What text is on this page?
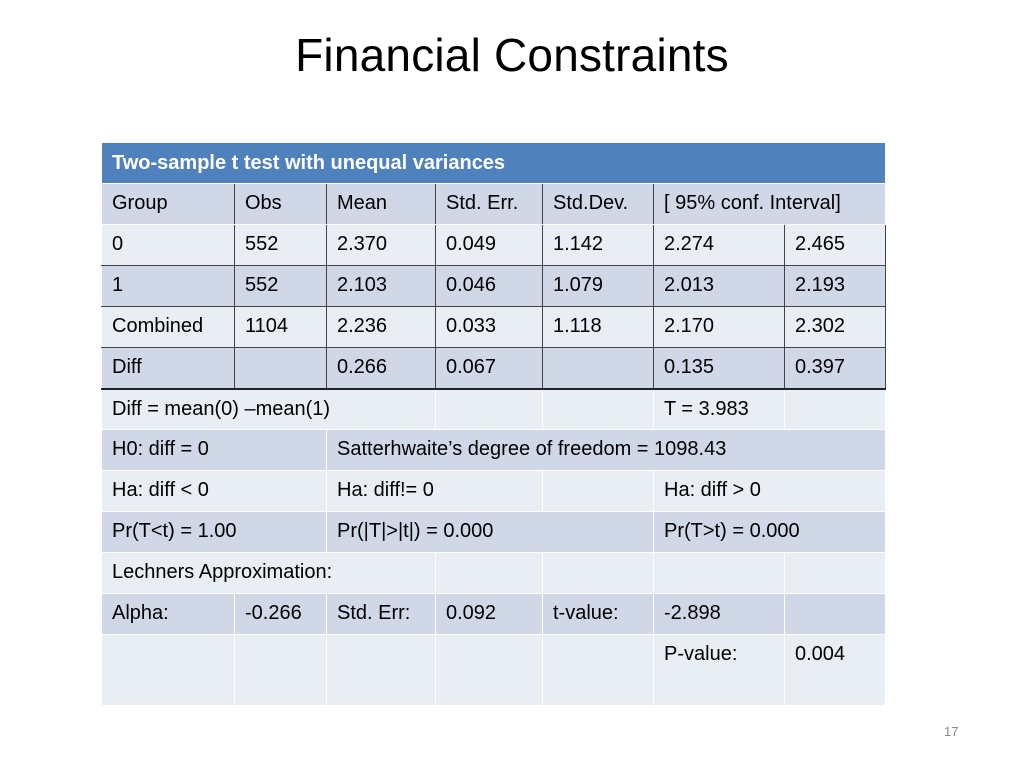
Financial Constraints
Two-sample t test with unequal variances						
Group	Obs	Mean	Std. Err.	Std.Dev.	[ 95% conf. Interval]	
0	552	2.370	0.049	1.142	2.274	2.465
1	552	2.103	0.046	1.079	2.013	2.193
Combined	1104	2.236	0.033	1.118	2.170	2.302
Diff		0.266	0.067		0.135	0.397
Diff = mean(0) –mean(1)					T = 3.983	
H0: diff = 0		Satterhwaite’s degree of freedom = 1098.43				
Ha: diff < 0		Ha: diff!= 0			Ha: diff > 0	
Pr(T<t) = 1.00		Pr(|T|>|t|) = 0.000			Pr(T>t) = 0.000	
Lechners Approximation:						
Alpha:	-0.266	Std. Err:	0.092	t-value:	-2.898	
					P-value:	0.004
17
